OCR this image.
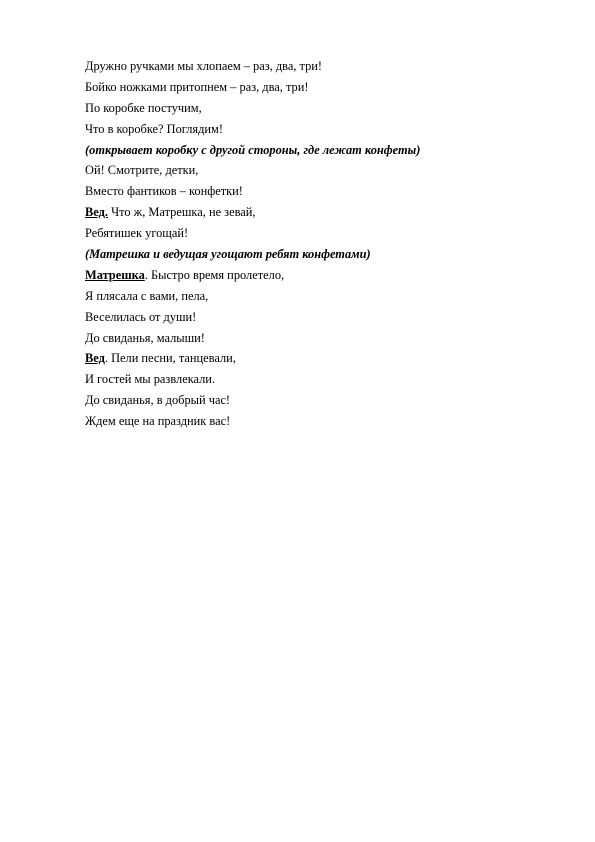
Дружно ручками мы хлопаем – раз, два, три!
Бойко ножками притопнем – раз, два, три!
По коробке постучим,
Что в коробке? Поглядим!
(открывает коробку с другой стороны, где лежат конфеты)
Ой! Смотрите, детки,
Вместо фантиков – конфетки!
Вед. Что ж, Матрешка, не зевай,
Ребятишек угощай!
(Матрешка и ведущая угощают ребят конфетами)
Матрешка. Быстро время пролетело,
Я плясала с вами, пела,
Веселилась от души!
До свиданья, малыши!
Вед. Пели песни, танцевали,
И гостей мы развлекали.
До свиданья, в добрый час!
Ждем еще на праздник вас!
